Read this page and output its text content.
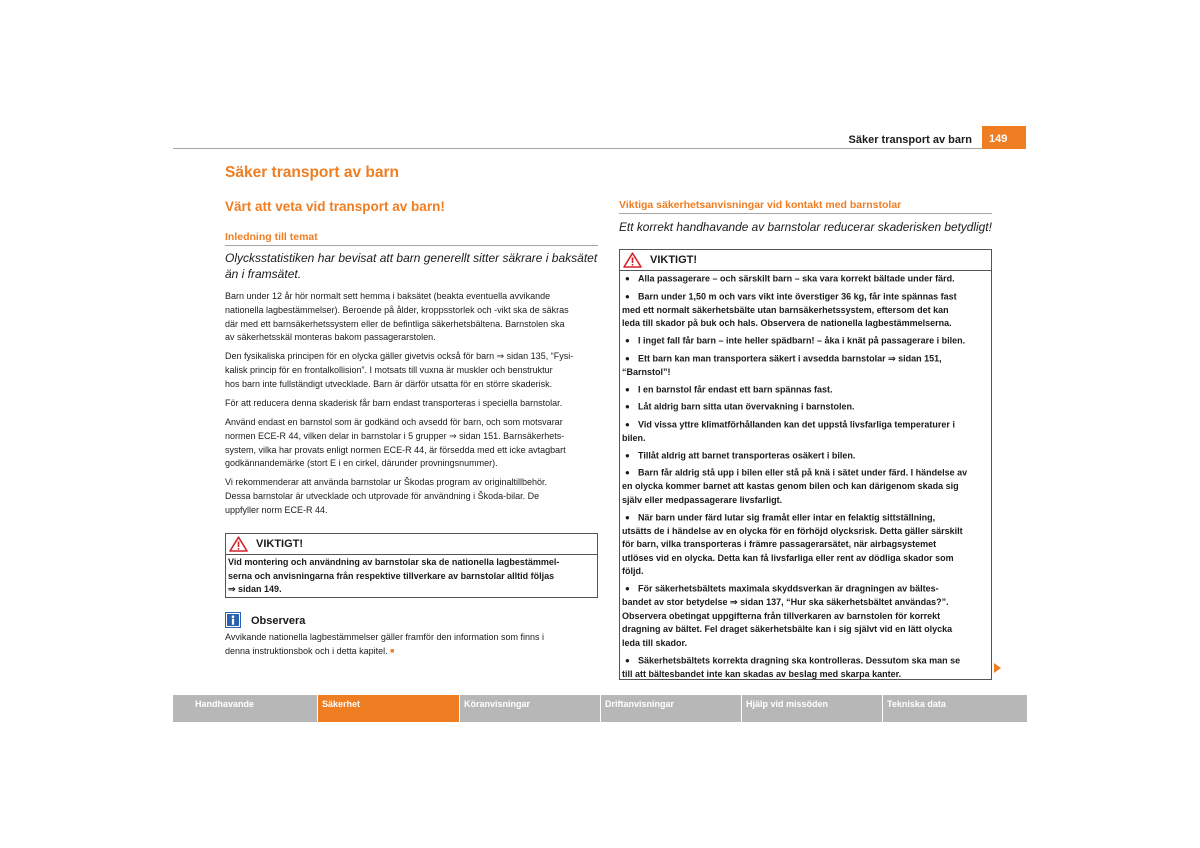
Säker transport av barn	149
Säker transport av barn
Värt att veta vid transport av barn!
Inledning till temat
Olycksstatistiken har bevisat att barn generellt sitter säkrare i baksätet
än i framsätet.
Barn under 12 år hör normalt sett hemma i baksätet (beakta eventuella avvikande
nationella lagbestämmelser). Beroende på ålder, kroppsstorlek och -vikt ska de säkras
där med ett barnsäkerhetssystem eller de befintliga säkerhetsbältena. Barnstolen ska
av säkerhetsskäl monteras bakom passagerarstolen.
Den fysikaliska principen för en olycka gäller givetvis också för barn ⇒ sidan 135, “Fysi-
kalisk princip för en frontalkollision”. I motsats till vuxna är muskler och benstruktur
hos barn inte fullständigt utvecklade. Barn är därför utsatta för en större skaderisk.
För att reducera denna skaderisk får barn endast transporteras i speciella barnstolar.
Använd endast en barnstol som är godkänd och avsedd för barn, och som motsvarar
normen ECE-R 44, vilken delar in barnstolar i 5 grupper ⇒ sidan 151. Barnsäkerhets-
system, vilka har provats enligt normen ECE-R 44, är försedda med ett icke avtagbart
godkännandemärke (stort E i en cirkel, därunder provningsnummer).
Vi rekommenderar att använda barnstolar ur Škodas program av originaltillbehör.
Dessa barnstolar är utvecklade och utprovade för användning i Škoda-bilar. De
uppfyller norm ECE-R 44.
VIKTIGT!
Vid montering och användning av barnstolar ska de nationella lagbestämmel-
serna och anvisningarna från respektive tillverkare av barnstolar alltid följas
⇒ sidan 149.
Observera
Avvikande nationella lagbestämmelser gäller framför den information som finns i
denna instruktionsbok och i detta kapitel. ■
Viktiga säkerhetsanvisningar vid kontakt med barnstolar
Ett korrekt handhavande av barnstolar reducerar skaderisken betydligt!
VIKTIGT!
● Alla passagerare – och särskilt barn – ska vara korrekt bältade under färd.
● Barn under 1,50 m och vars vikt inte överstiger 36 kg, får inte spännas fast
med ett normalt säkerhetsbälte utan barnsäkerhetssystem, eftersom det kan
leda till skador på buk och hals. Observera de nationella lagbestämmelserna.
● I inget fall får barn – inte heller spädbarn! – åka i knät på passagerare i bilen.
● Ett barn kan man transportera säkert i avsedda barnstolar ⇒ sidan 151,
“Barnstol”!
● I en barnstol får endast ett barn spännas fast.
● Låt aldrig barn sitta utan övervakning i barnstolen.
● Vid vissa yttre klimatförhållanden kan det uppstå livsfarliga temperaturer i
bilen.
● Tillåt aldrig att barnet transporteras osäkert i bilen.
● Barn får aldrig stå upp i bilen eller stå på knä i sätet under färd. I händelse av
en olycka kommer barnet att kastas genom bilen och kan därigenom skada sig
själv eller medpassagerare livsfarligt.
● När barn under färd lutar sig framåt eller intar en felaktig sittställning,
utsätts de i händelse av en olycka för en förhöjd olycksrisk. Detta gäller särskilt
för barn, vilka transporteras i främre passagerarsätet, när airbagsystemet
utlöses vid en olycka. Detta kan få livsfarliga eller rent av dödliga skador som
följd.
● För säkerhetsbältets maximala skyddsverkan är dragningen av bältes-
bandet av stor betydelse ⇒ sidan 137, “Hur ska säkerhetsbältet användas?”.
Observera obetingat uppgifterna från tillverkaren av barnstolen för korrekt
dragning av bältet. Fel draget säkerhetsbälte kan i sig självt vid en lätt olycka
leda till skador.
● Säkerhetsbältets korrekta dragning ska kontrolleras. Dessutom ska man se
till att bältesbandet inte kan skadas av beslag med skarpa kanter.
Handhavande	Säkerhet	Köranvisningar	Driftanvisningar	Hjälp vid missöden	Tekniska data
